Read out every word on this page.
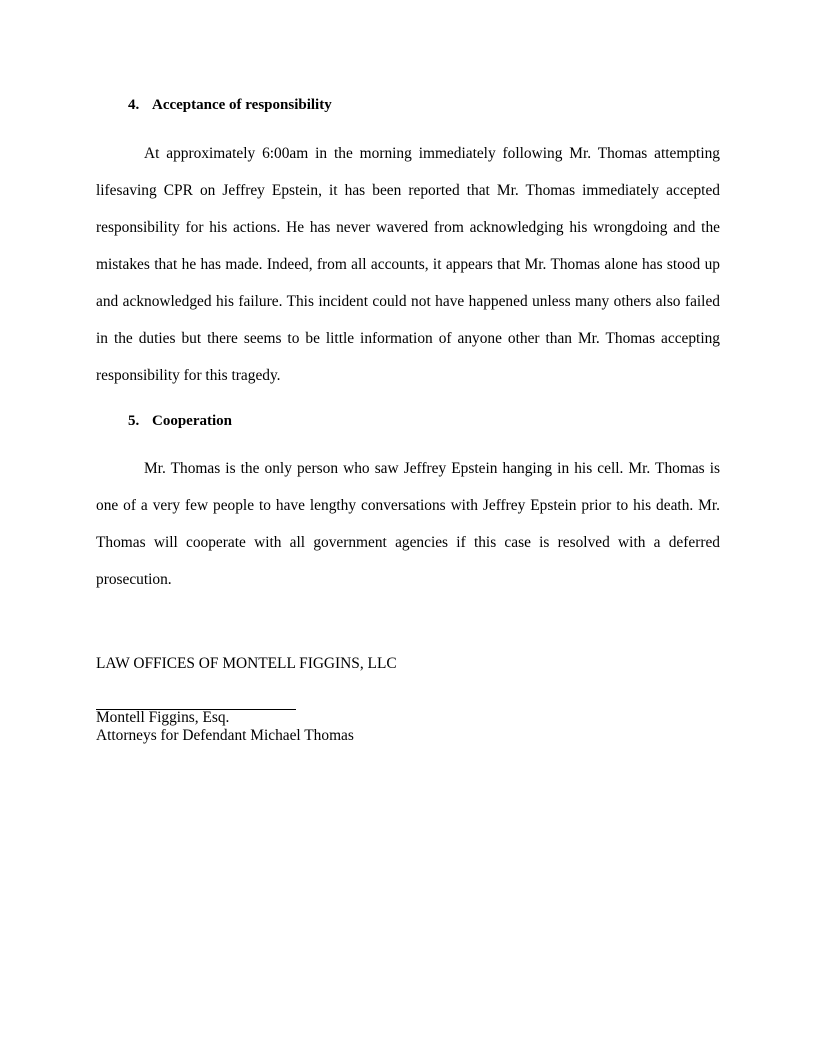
4. Acceptance of responsibility

At approximately 6:00am in the morning immediately following Mr. Thomas attempting lifesaving CPR on Jeffrey Epstein, it has been reported that Mr. Thomas immediately accepted responsibility for his actions. He has never wavered from acknowledging his wrongdoing and the mistakes that he has made. Indeed, from all accounts, it appears that Mr. Thomas alone has stood up and acknowledged his failure. This incident could not have happened unless many others also failed in the duties but there seems to be little information of anyone other than Mr. Thomas accepting responsibility for this tragedy.

5. Cooperation

Mr. Thomas is the only person who saw Jeffrey Epstein hanging in his cell. Mr. Thomas is one of a very few people to have lengthy conversations with Jeffrey Epstein prior to his death. Mr. Thomas will cooperate with all government agencies if this case is resolved with a deferred prosecution.

LAW OFFICES OF MONTELL FIGGINS, LLC
Montell Figgins, Esq.
Attorneys for Defendant Michael Thomas
